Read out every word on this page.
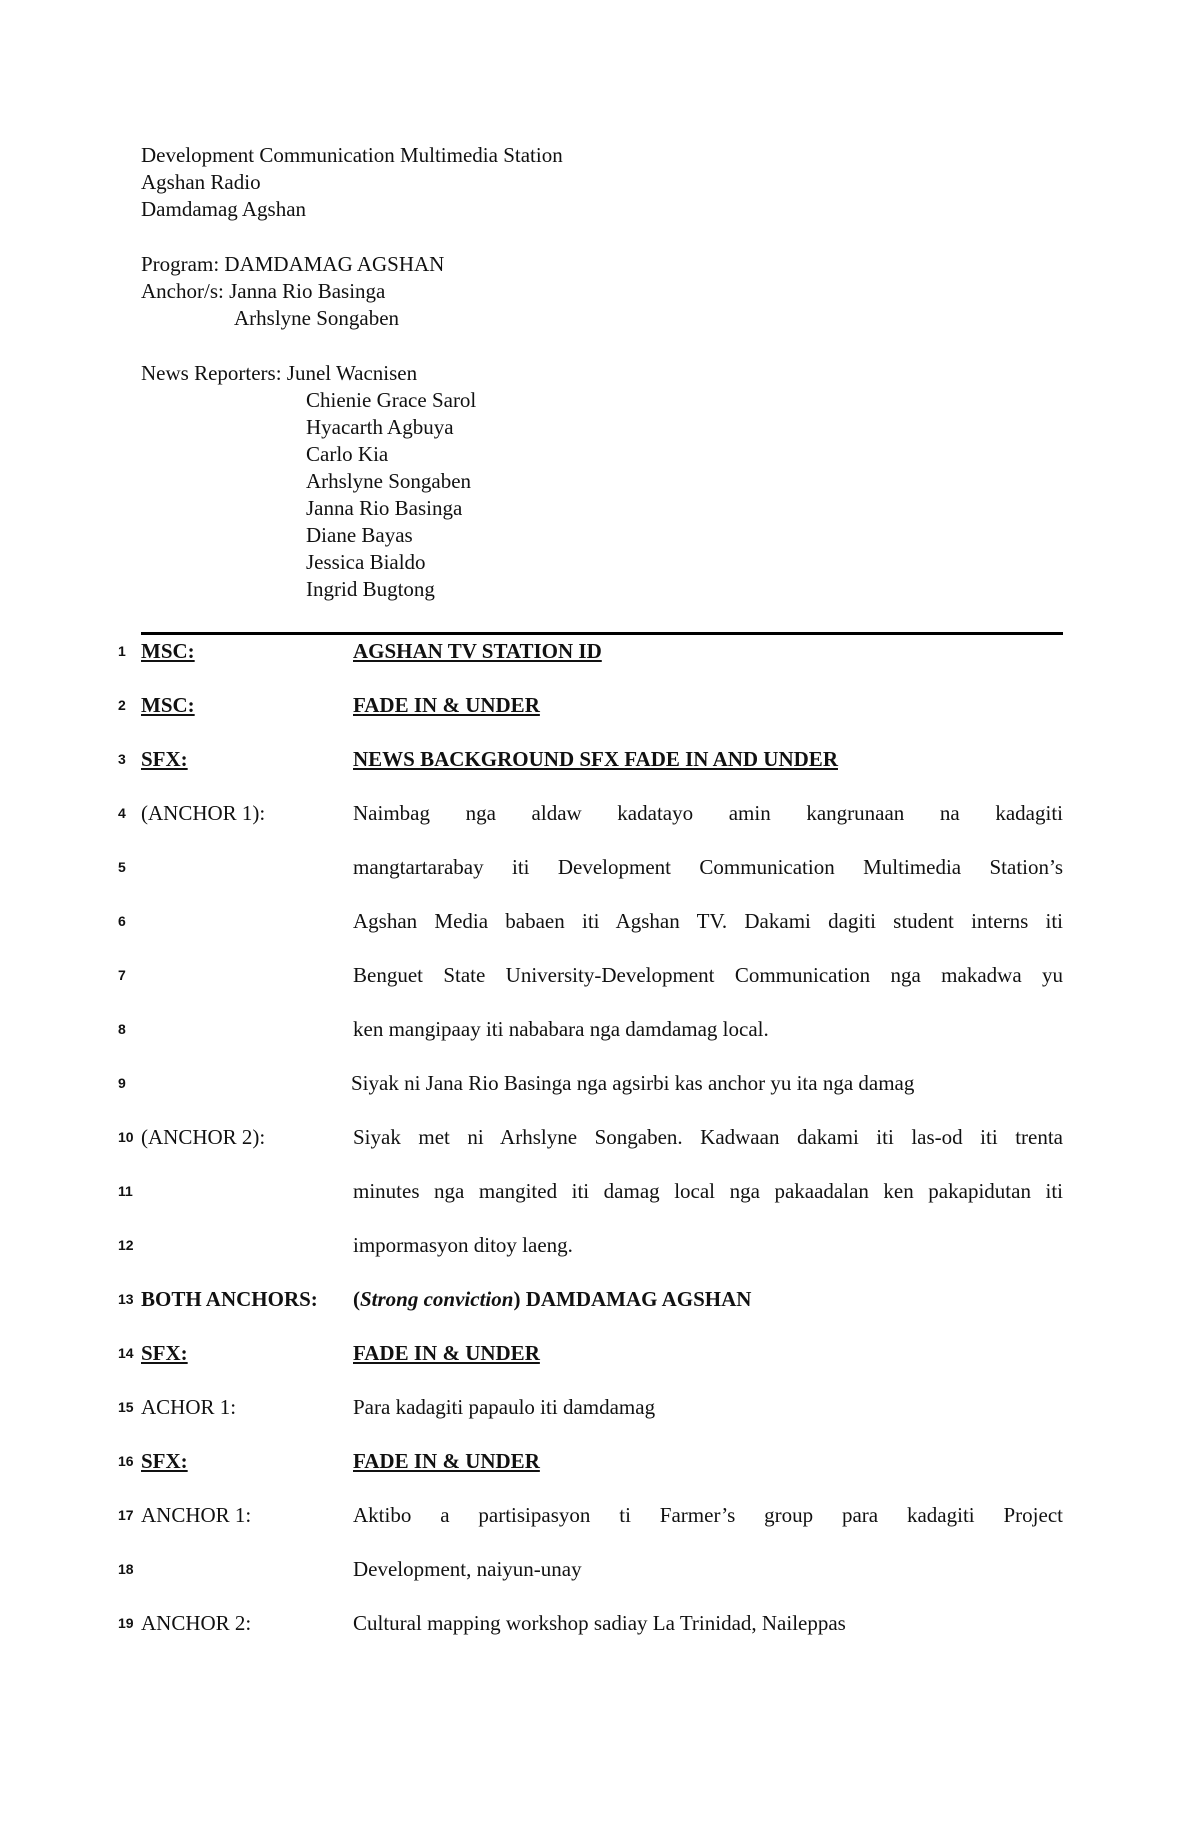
Development Communication Multimedia Station
Agshan Radio
Damdamag Agshan
Program: DAMDAMAG AGSHAN
Anchor/s: Janna Rio Basinga
Arhslyne Songaben
News Reporters: Junel Wacnisen
Chienie Grace Sarol
Hyacarth Agbuya
Carlo Kia
Arhslyne Songaben
Janna Rio Basinga
Diane Bayas
Jessica Bialdo
Ingrid Bugtong
1 MSC:	AGSHAN TV STATION ID
2 MSC:	FADE IN & UNDER
3 SFX:	NEWS BACKGROUND SFX FADE IN AND UNDER
4 (ANCHOR 1):	Naimbag nga aldaw kadatayo amin kangrunaan na kadagiti
5	mangtartarabay iti Development Communication Multimedia Station’s
6	Agshan Media babaen iti Agshan TV. Dakami dagiti student interns iti
7	Benguet State University-Development Communication nga makadwa yu
8	ken mangipaay iti nababara nga damdamag local.
9	Siyak ni Jana Rio Basinga nga agsirbi kas anchor yu ita nga damag
10 (ANCHOR 2):	Siyak met ni Arhslyne Songaben. Kadwaan dakami iti las-od iti trenta
11	minutes nga mangited iti damag local nga pakaadalan ken pakapidutan iti
12	impormasyon ditoy laeng.
13 BOTH ANCHORS:	(Strong conviction) DAMDAMAG AGSHAN
14 SFX:	FADE IN & UNDER
15 ACHOR 1:	Para kadagiti papaulo iti damdamag
16 SFX:	FADE IN & UNDER
17 ANCHOR 1:	Aktibo a partisipasyon ti Farmer’s group para kadagiti Project
18	Development, naiyun-unay
19 ANCHOR 2:	Cultural mapping workshop sadiay La Trinidad, Naileppas
